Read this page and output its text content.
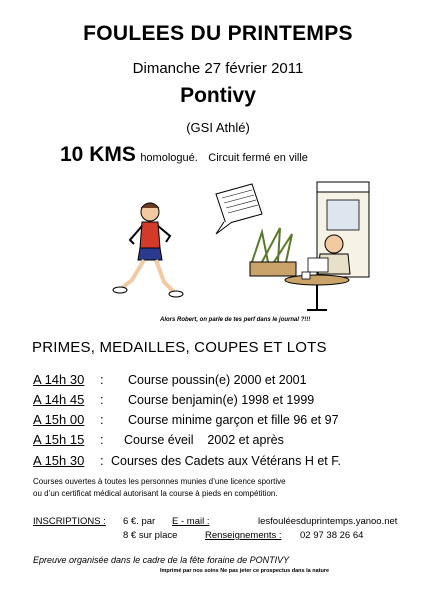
FOULEES DU PRINTEMPS
Dimanche 27 février 2011
Pontivy
(GSI Athlé)
10 KMS homologué. Circuit fermé en ville
Alors Robert, on parle de tes perf dans le journal ?!!!
PRIMES, MEDAILLES, COUPES ET LOTS
A 14h 30 : Course poussin(e) 2000 et 2001
A 14h 45 : Course benjamin(e) 1998 et 1999
A 15h 00 : Course minime garçon et fille 96 et 97
A 15h 15 : Course éveil    2002 et après
A 15h 30 : Courses des Cadets aux Vétérans H et F.
Courses ouvertes à toutes les personnes munies d’une licence sportive
ou d’un certificat médical autorisant la course à pieds en compétition.
INSCRIPTIONS : 6 €. par E - mail :	lesfouléesduprintemps.yanoo.net
8 € sur place	Renseignements : 02 97 38 26 64
Epreuve organisée dans le cadre de la fête foraine de PONTIVY
Imprimé par nos soins Ne pas jeter ce prospectus dans la nature
